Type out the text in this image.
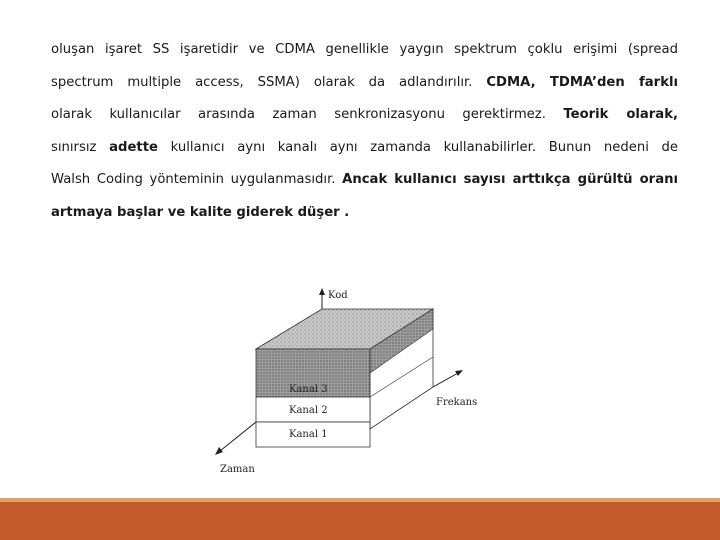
oluşan işaret SS işaretidir ve CDMA genellikle yaygın spektrum çoklu erişimi (spread
spectrum multiple access, SSMA) olarak da adlandırılır. CDMA, TDMA’den farklı
olarak kullanıcılar arasında zaman senkronizasyonu gerektirmez. Teorik olarak,
sınırsız adette kullanıcı aynı kanalı aynı zamanda kullanabilirler. Bunun nedeni de
Walsh Coding yönteminin uygulanmasıdır. Ancak kullanıcı sayısı arttıkça gürültü oranı
artmaya başlar ve kalite giderek düşer .
Kod
Kanal 3
Kanal 2
Kanal 1
Frekans
Zaman
